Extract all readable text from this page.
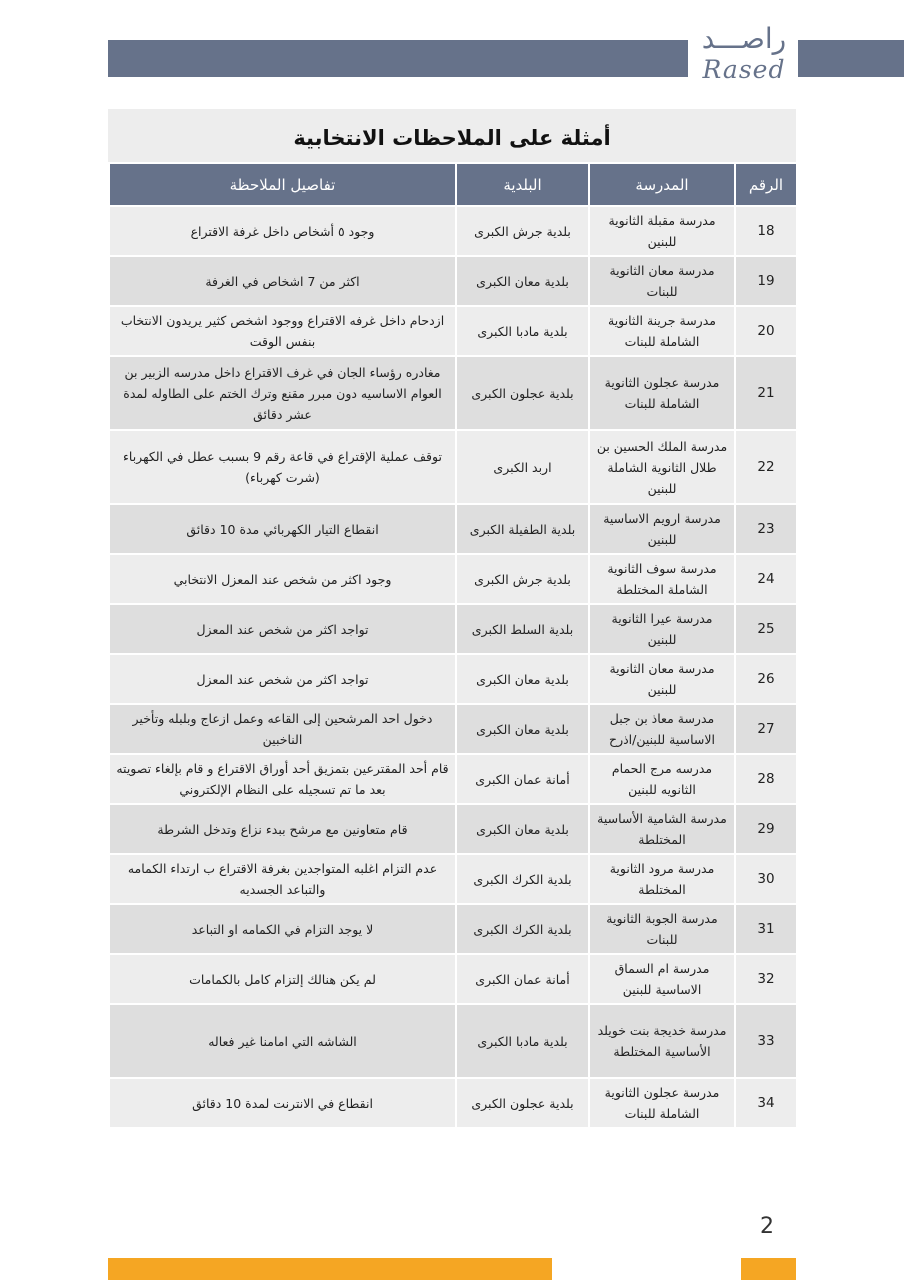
راصـــد
Rased
أمثلة على الملاحظات الانتخابية
الرقم	المدرسة	البلدية	تفاصيل الملاحظة
18	مدرسة مقبلة الثانوية للبنين	بلدية جرش الكبرى	وجود ٥ أشخاص داخل غرفة الاقتراع
19	مدرسة معان الثانوية للبنات	بلدية معان الكبرى	اكثر من 7 اشخاص في الغرفة
20	مدرسة جرينة الثانوية الشاملة للبنات	بلدية مادبا الكبرى	ازدحام داخل غرفه الاقتراع ووجود اشخص كثير يريدون الانتخاب بنفس الوقت
21	مدرسة عجلون الثانوية الشاملة للبنات	بلدية عجلون الكبرى	مغادره رؤساء الجان في غرف الاقتراع داخل مدرسه الزبير بن العوام الاساسيه دون مبرر مقنع وترك الختم على الطاوله لمدة عشر دقائق
22	مدرسة الملك الحسين بن طلال الثانوية الشاملة للبنين	اربد الكبرى	توقف عملية الإقتراع في قاعة رقم 9 بسبب عطل في الكهرباء (شرت كهرباء)
23	مدرسة ارويم الاساسية للبنين	بلدية الطفيلة الكبرى	انقطاع التيار الكهربائي مدة 10 دقائق
24	مدرسة سوف الثانوية الشاملة المختلطة	بلدية جرش الكبرى	وجود اكثر من شخص عند المعزل الانتخابي
25	مدرسة عيرا الثانوية للبنين	بلدية السلط الكبرى	تواجد اكثر من شخص عند المعزل
26	مدرسة معان الثانوية للبنين	بلدية معان الكبرى	تواجد اكثر من شخص عند المعزل
27	مدرسة معاذ بن جبل الاساسية للبنين/اذرح	بلدية معان الكبرى	دخول احد المرشحين إلى القاعه وعمل ازعاج وبلبله وتأخير الناخبين
28	مدرسه مرج الحمام الثانويه للبنين	أمانة عمان الكبرى	قام أحد المقترعين بتمزيق أحد أوراق الاقتراع و قام بإلغاء تصويته بعد ما تم تسجيله على النظام الإلكتروني
29	مدرسة الشامية الأساسية المختلطة	بلدية معان الكبرى	قام متعاونين مع مرشح ببدء نزاع وتدخل الشرطة
30	مدرسة مرود الثانوية المختلطة	بلدية الكرك الكبرى	عدم التزام اغلبه المتواجدين بغرفة الاقتراع ب ارتداء الكمامه والتباعد الجسديه
31	مدرسة الجوبة الثانوية للبنات	بلدية الكرك الكبرى	لا يوجد التزام في الكمامه او التباعد
32	مدرسة ام السماق الاساسية للبنين	أمانة عمان الكبرى	لم يكن هنالك إلتزام كامل بالكمامات
33	مدرسة خديجة بنت خويلد الأساسية المختلطة	بلدية مادبا الكبرى	الشاشه التي امامنا غير فعاله
34	مدرسة عجلون الثانوية الشاملة للبنات	بلدية عجلون الكبرى	انقطاع في الانترنت لمدة 10 دقائق
2
